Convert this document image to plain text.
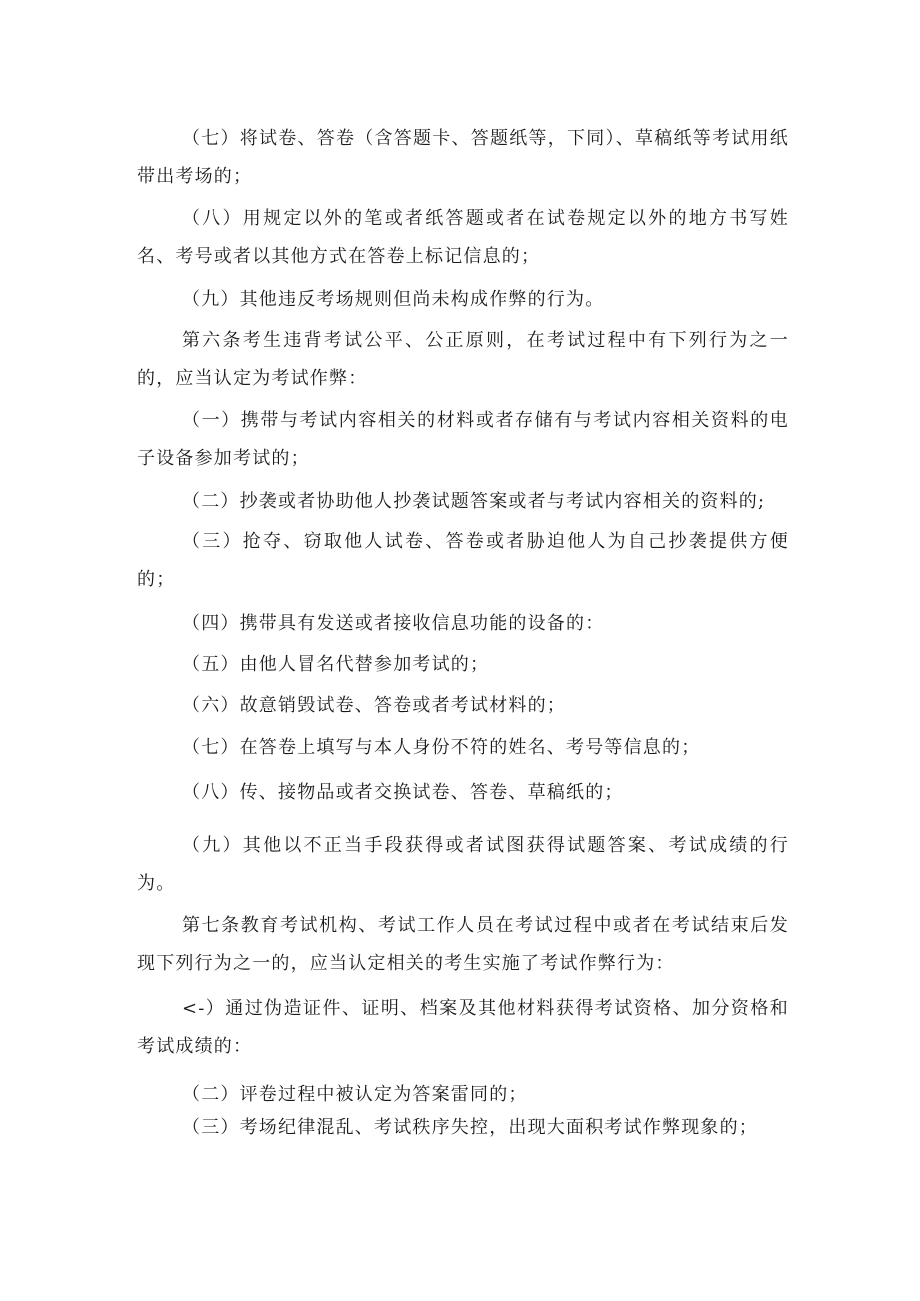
（七）将试卷、答卷（含答题卡、答题纸等，下同）、草稿纸等考试用纸带出考场的；

（八）用规定以外的笔或者纸答题或者在试卷规定以外的地方书写姓名、考号或者以其他方式在答卷上标记信息的；

（九）其他违反考场规则但尚未构成作弊的行为。

第六条考生违背考试公平、公正原则，在考试过程中有下列行为之一的，应当认定为考试作弊：

（一）携带与考试内容相关的材料或者存储有与考试内容相关资料的电子设备参加考试的；

（二）抄袭或者协助他人抄袭试题答案或者与考试内容相关的资料的;

（三）抢夺、窃取他人试卷、答卷或者胁迫他人为自己抄袭提供方便的；

（四）携带具有发送或者接收信息功能的设备的：

（五）由他人冒名代替参加考试的；

（六）故意销毁试卷、答卷或者考试材料的；

（七）在答卷上填写与本人身份不符的姓名、考号等信息的；

（八）传、接物品或者交换试卷、答卷、草稿纸的；

（九）其他以不正当手段获得或者试图获得试题答案、考试成绩的行为。

第七条教育考试机构、考试工作人员在考试过程中或者在考试结束后发现下列行为之一的，应当认定相关的考生实施了考试作弊行为：

<-）通过伪造证件、证明、档案及其他材料获得考试资格、加分资格和考试成绩的：

（二）评卷过程中被认定为答案雷同的；

（三）考场纪律混乱、考试秩序失控，出现大面积考试作弊现象的；
